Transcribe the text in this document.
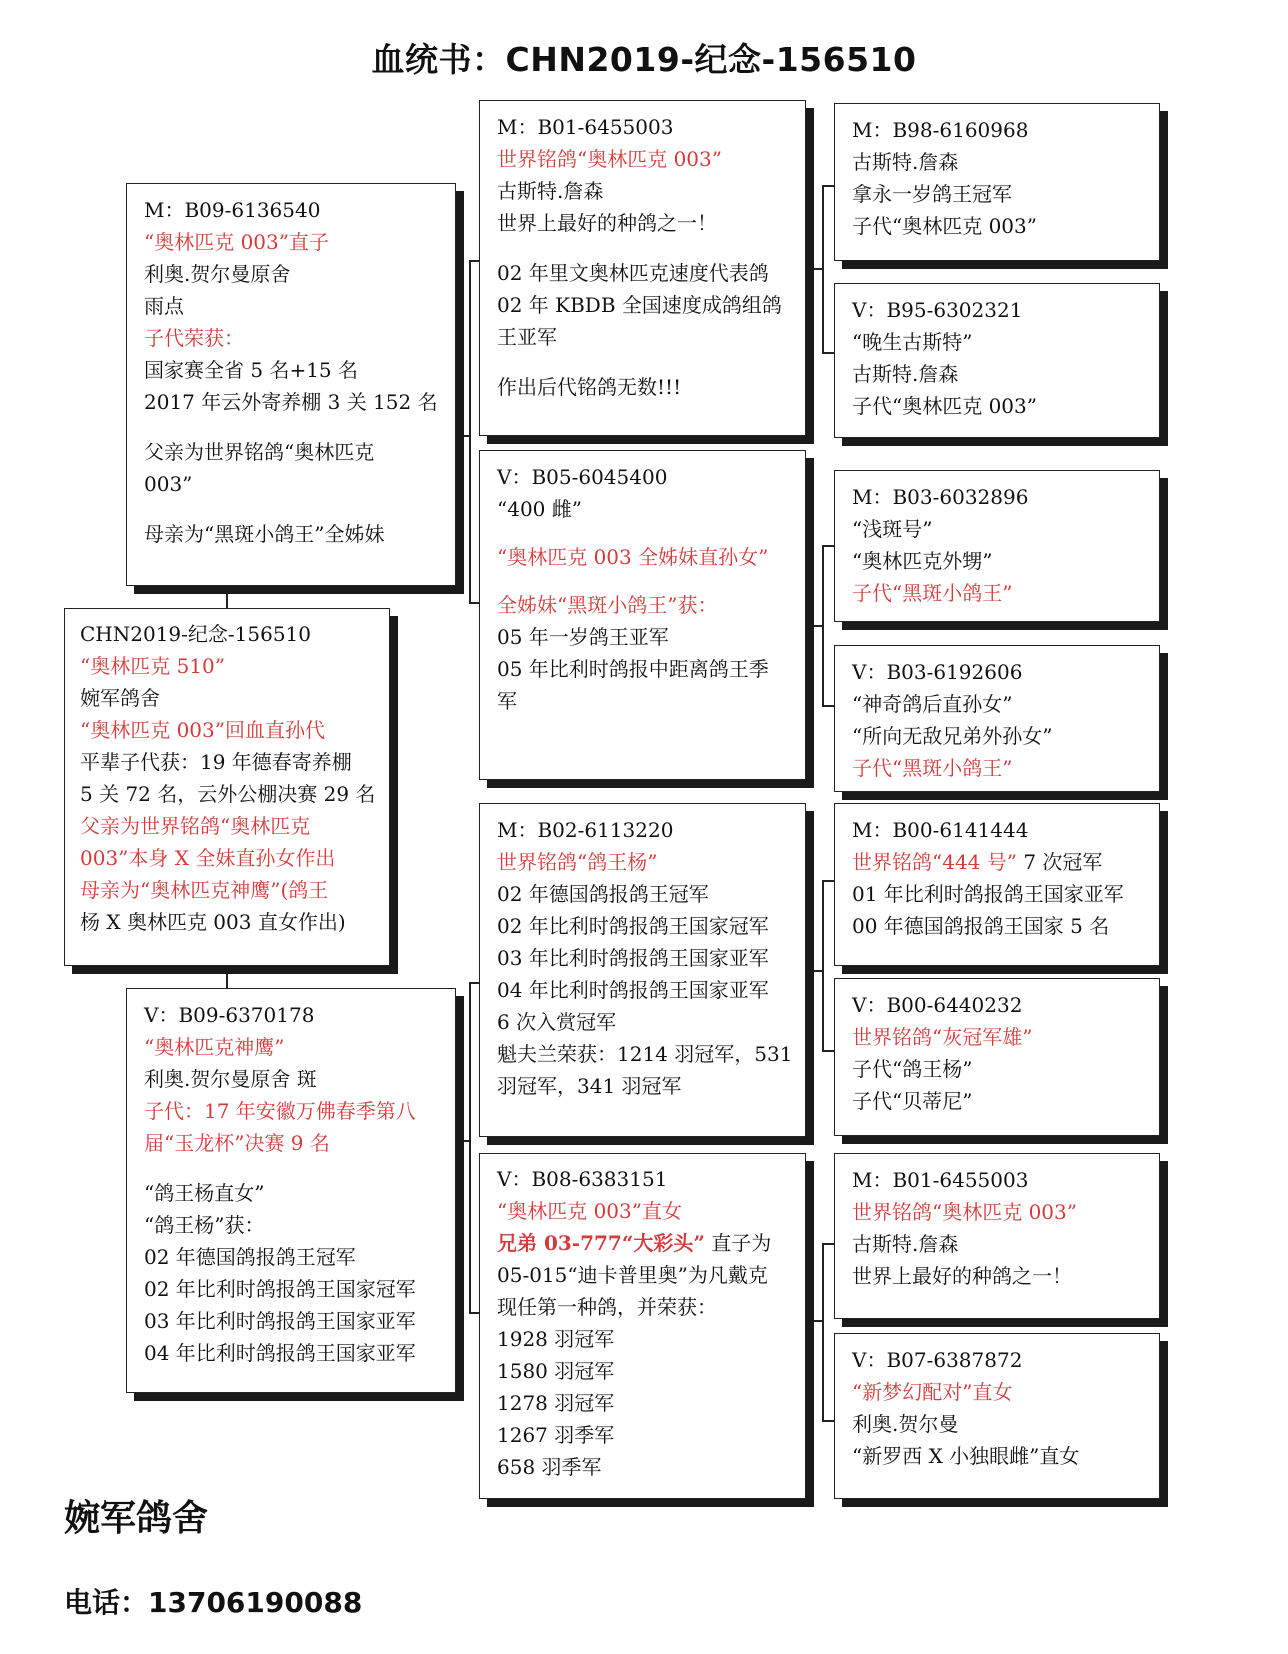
血统书：CHN2019-纪念-156510
CHN2019-纪念-156510
“奥林匹克 510”
婉军鸽舍
“奥林匹克 003”回血直孙代
平辈子代获：19 年德春寄养棚
5 关 72 名，云外公棚决赛 29 名
父亲为世界铭鸽“奥林匹克
003”本身 X 全妹直孙女作出
母亲为“奥林匹克神鹰”(鸽王
杨 X 奥林匹克 003 直女作出)
M：B09-6136540
“奥林匹克 003”直子
利奥.贺尔曼原舍
雨点
子代荣获：
国家赛全省 5 名+15 名
2017 年云外寄养棚 3 关 152 名
父亲为世界铭鸽“奥林匹克
003”
母亲为“黑斑小鸽王”全姊妹
V：B09-6370178
“奥林匹克神鹰”
利奥.贺尔曼原舍 斑
子代：17 年安徽万佛春季第八
届“玉龙杯”决赛 9 名
“鸽王杨直女”
“鸽王杨”获：
02 年德国鸽报鸽王冠军
02 年比利时鸽报鸽王国家冠军
03 年比利时鸽报鸽王国家亚军
04 年比利时鸽报鸽王国家亚军
M：B01-6455003
世界铭鸽“奥林匹克 003”
古斯特.詹森
世界上最好的种鸽之一！
02 年里文奥林匹克速度代表鸽
02 年 KBDB 全国速度成鸽组鸽
王亚军
作出后代铭鸽无数!!!
V：B05-6045400
“400 雌”
“奥林匹克 003 全姊妹直孙女”
全姊妹“黑斑小鸽王”获：
05 年一岁鸽王亚军
05 年比利时鸽报中距离鸽王季
军
M：B02-6113220
世界铭鸽“鸽王杨”
02 年德国鸽报鸽王冠军
02 年比利时鸽报鸽王国家冠军
03 年比利时鸽报鸽王国家亚军
04 年比利时鸽报鸽王国家亚军
6 次入赏冠军
魁夫兰荣获：1214 羽冠军，531
羽冠军，341 羽冠军
V：B08-6383151
“奥林匹克 003”直女
兄弟 03-777“大彩头” 直子为
05-015“迪卡普里奥”为凡戴克
现任第一种鸽，并荣获：
1928 羽冠军
1580 羽冠军
1278 羽冠军
1267 羽季军
658 羽季军
M：B98-6160968
古斯特.詹森
拿永一岁鸽王冠军
子代“奥林匹克 003”
V：B95-6302321
“晚生古斯特”
古斯特.詹森
子代“奥林匹克 003”
M：B03-6032896
“浅斑号”
“奥林匹克外甥”
子代“黑斑小鸽王”
V：B03-6192606
“神奇鸽后直孙女”
“所向无敌兄弟外孙女”
子代“黑斑小鸽王”
M：B00-6141444
世界铭鸽“444 号” 7 次冠军
01 年比利时鸽报鸽王国家亚军
00 年德国鸽报鸽王国家 5 名
V：B00-6440232
世界铭鸽“灰冠军雄”
子代“鸽王杨”
子代“贝蒂尼”
M：B01-6455003
世界铭鸽“奥林匹克 003”
古斯特.詹森
世界上最好的种鸽之一！
V：B07-6387872
“新梦幻配对”直女
利奥.贺尔曼
“新罗西 X 小独眼雌”直女
婉军鸽舍
电话：13706190088
